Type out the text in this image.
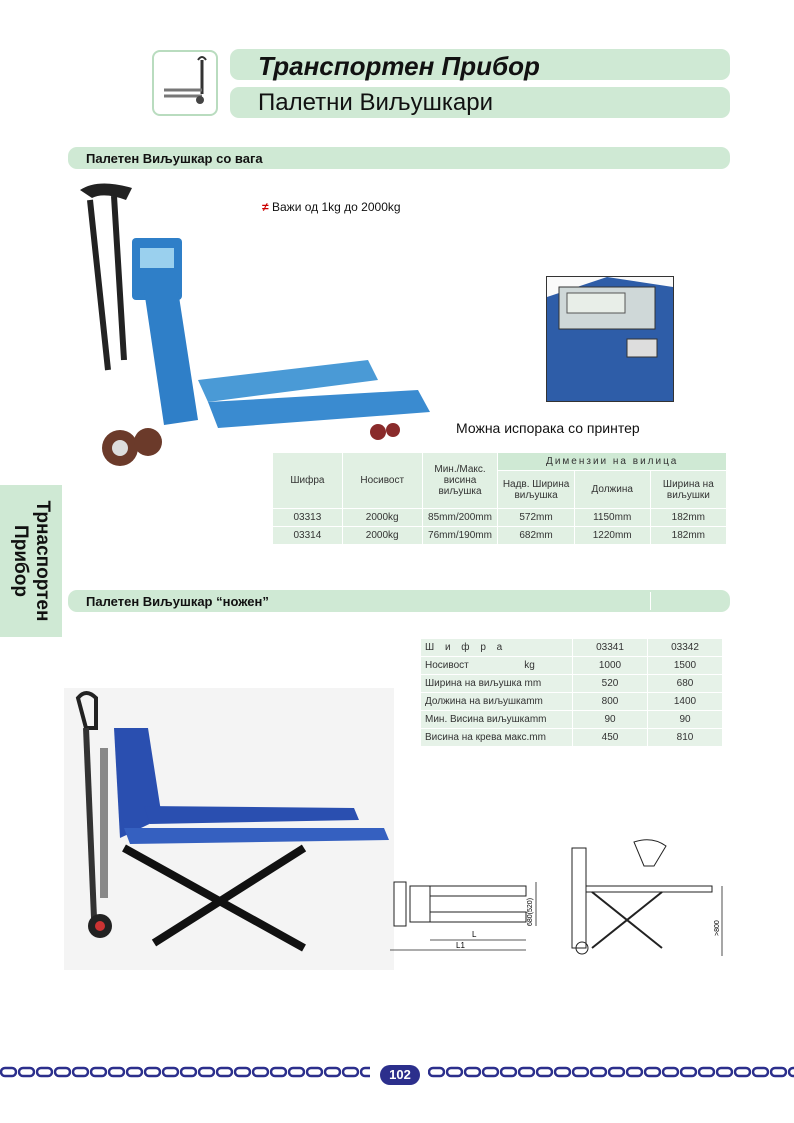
Транспортен Прибор
Палетни Виљушкари
Трнаспортен
Прибор
Палетен Виљушкар со вага
≠ Важи од 1kg до 2000kg
Можна испорака со принтер
Шифра	Носивост	Мин./Макс. висина виљушка	Димензии на вилица		
			Надв. Ширина виљушка	Должина	Ширина на виљушки
03313	2000kg	85mm/200mm	572mm	1150mm	182mm
03314	2000kg	76mm/190mm	682mm	1220mm	182mm
Палетен Виљушкар “ножен”
Ш и ф р а	03341	03342
Носивост                    kg	1000	1500
Ширина на виљушка mm	520	680
Должина на виљушкаmm	800	1400
Мин. Висина виљушкаmm	90	90
Висина на крева макс.mm	450	810
L
L1
680(520)
>800
102
